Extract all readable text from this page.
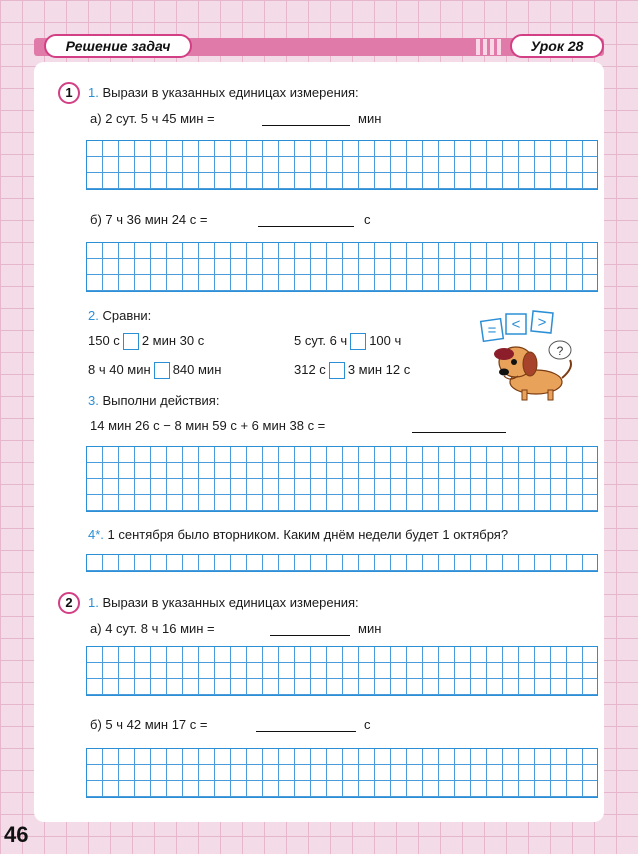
Решение задач	Урок 28
1	1. Вырази в указанных единицах измерения:
а) 2 сут. 5 ч 45 мин =	мин
б) 7 ч 36 мин 24 с =	с
2. Сравни:
150 с 2 мин 30 с	5 сут. 6 ч 100 ч
8 ч 40 мин 840 мин	312 с 3 мин 12 с
= < >
?
3. Выполни действия:
14 мин 26 с − 8 мин 59 с + 6 мин 38 с =
4*. 1 сентября было вторником. Каким днём недели будет 1 октября?
2	1. Вырази в указанных единицах измерения:
а) 4 сут. 8 ч 16 мин =	мин
б) 5 ч 42 мин 17 с =	с
46
